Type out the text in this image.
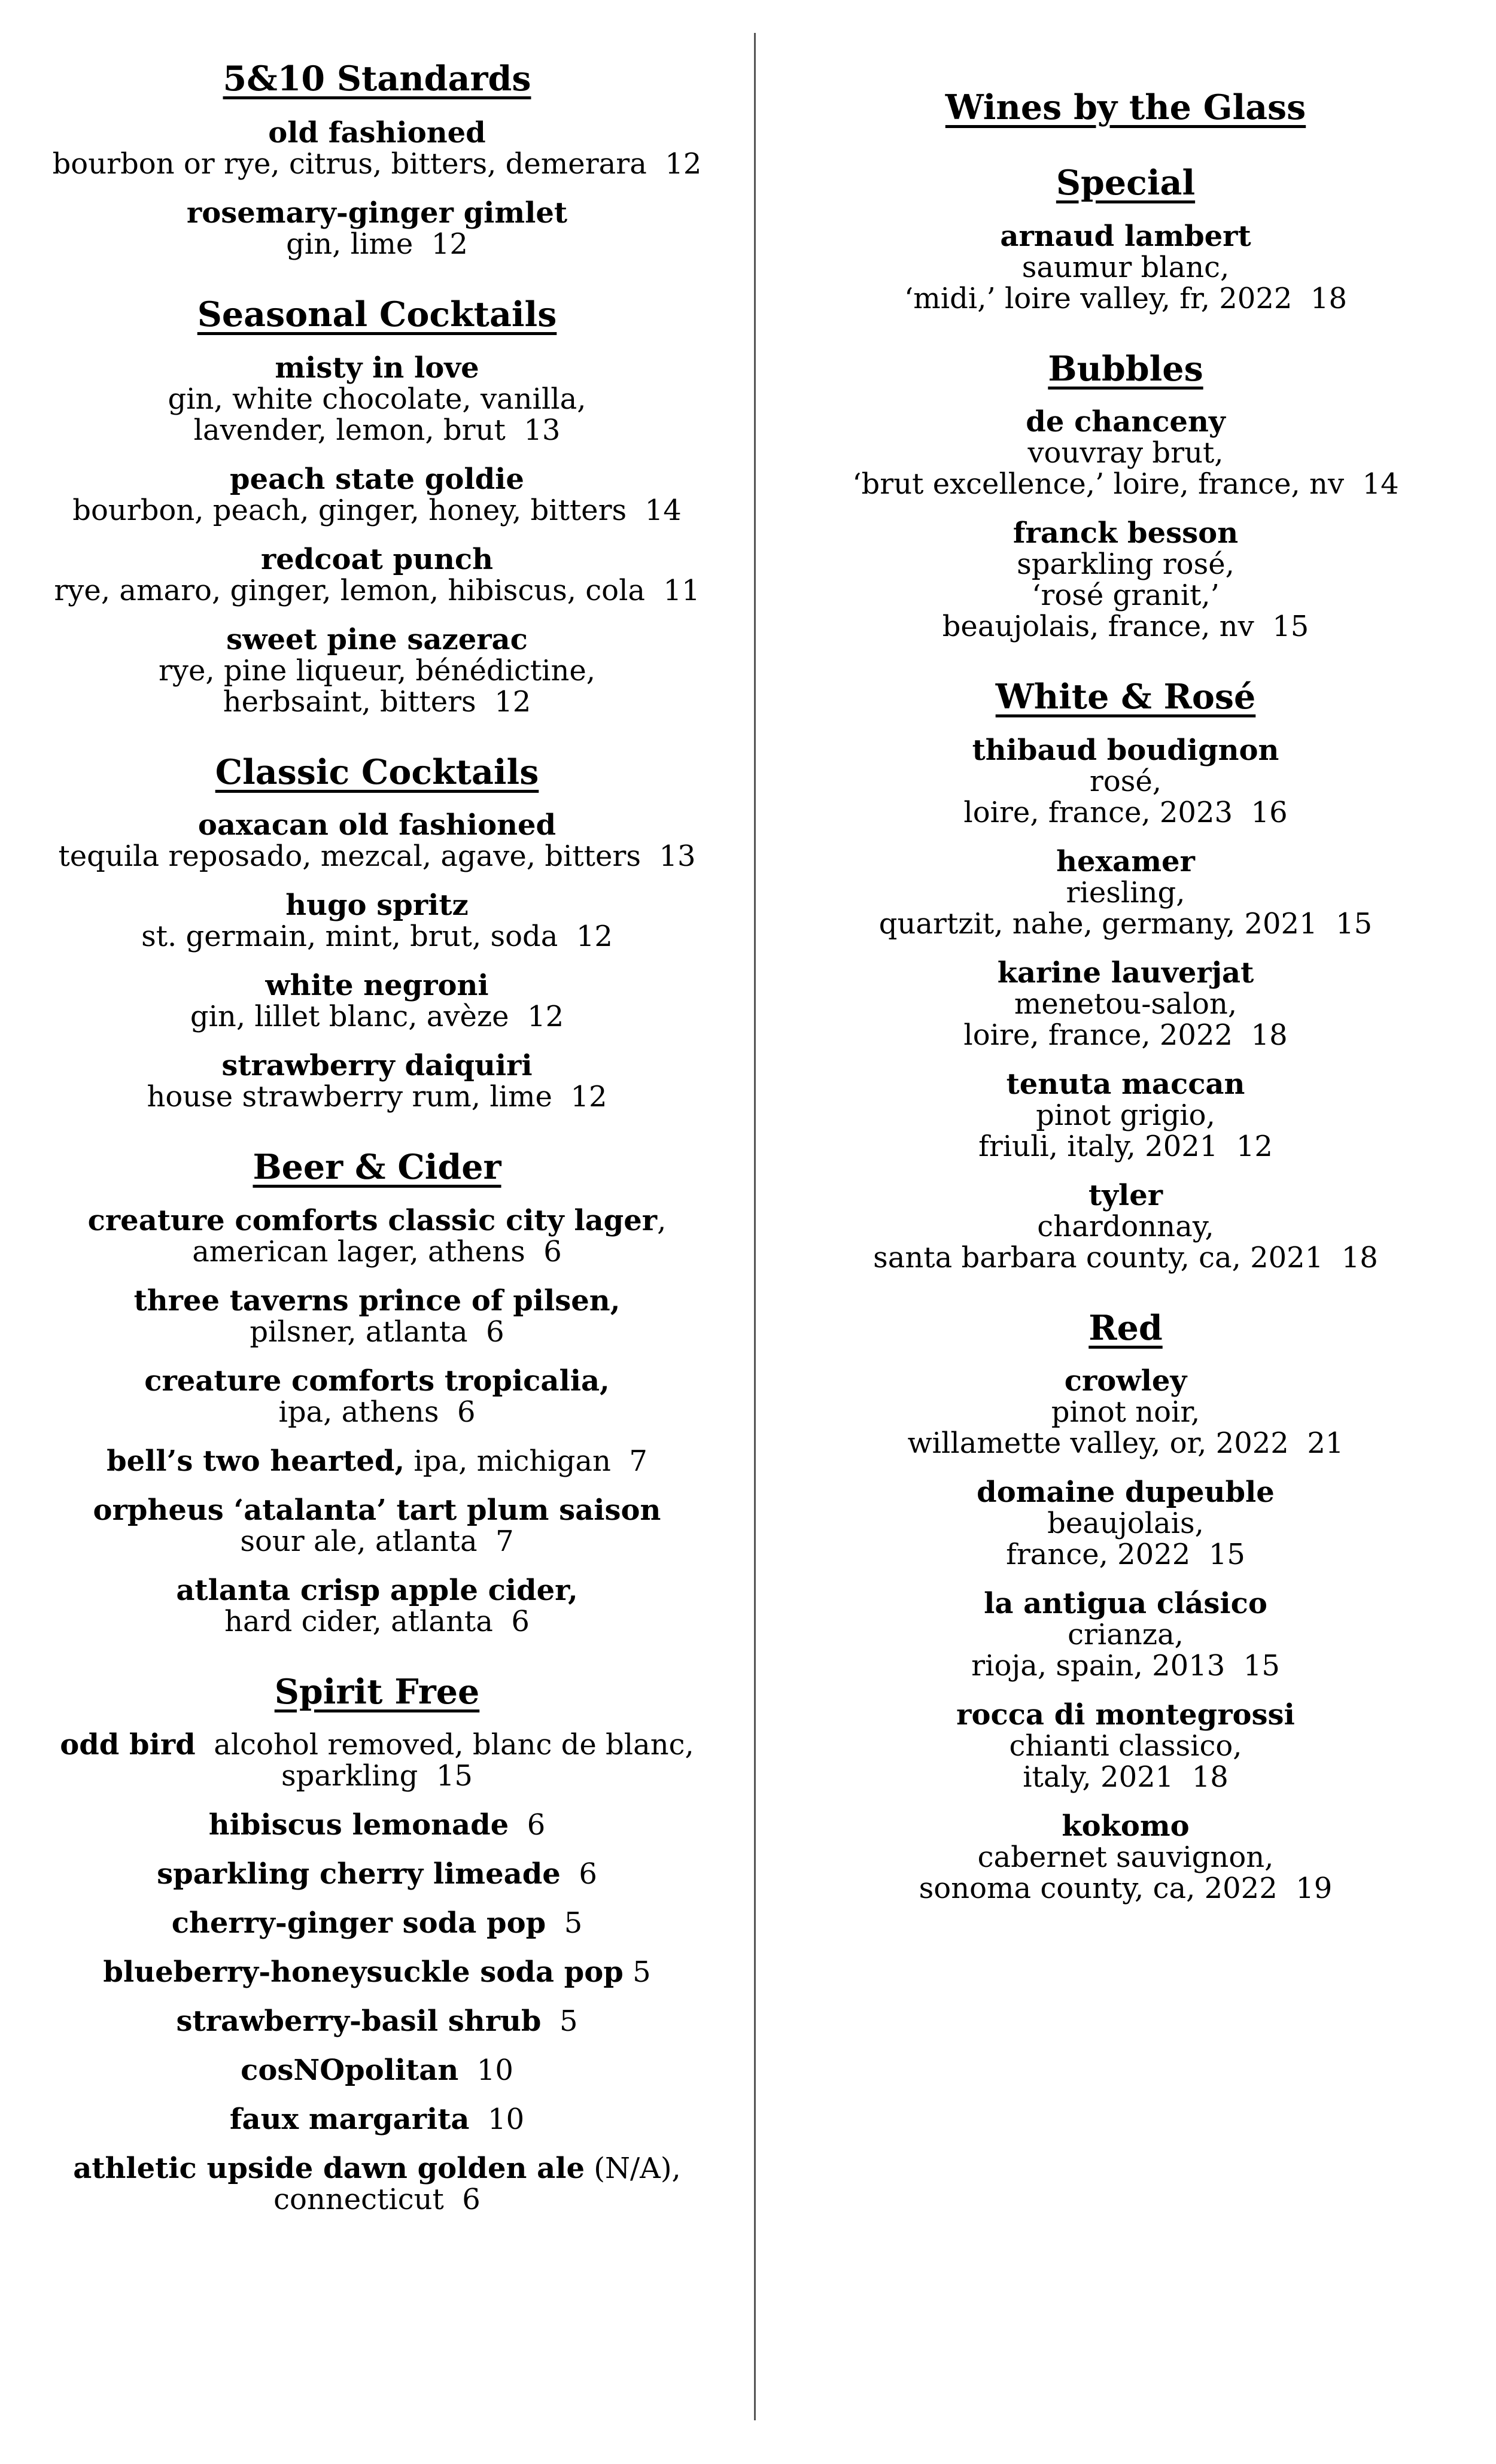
5&10 Standards
old fashioned
bourbon or rye, citrus, bitters, demerara  12
rosemary-ginger gimlet
gin, lime  12
Seasonal Cocktails
misty in love
gin, white chocolate, vanilla,
lavender, lemon, brut  13
peach state goldie
bourbon, peach, ginger, honey, bitters  14
redcoat punch
rye, amaro, ginger, lemon, hibiscus, cola  11
sweet pine sazerac
rye, pine liqueur, bénédictine,
herbsaint, bitters  12
Classic Cocktails
oaxacan old fashioned
tequila reposado, mezcal, agave, bitters  13
hugo spritz
st. germain, mint, brut, soda  12
white negroni
gin, lillet blanc, avèze  12
strawberry daiquiri
house strawberry rum, lime  12
Beer & Cider
creature comforts classic city lager,
american lager, athens  6
three taverns prince of pilsen,
pilsner, atlanta  6
creature comforts tropicalia,
ipa, athens  6
bell’s two hearted, ipa, michigan  7
orpheus ‘atalanta’ tart plum saison
sour ale, atlanta  7
atlanta crisp apple cider,
hard cider, atlanta  6
Spirit Free
odd bird  alcohol removed, blanc de blanc,
sparkling  15
hibiscus lemonade  6
sparkling cherry limeade  6
cherry-ginger soda pop  5
blueberry-honeysuckle soda pop 5
strawberry-basil shrub  5
cosNOpolitan  10
faux margarita  10
athletic upside dawn golden ale (N/A),
connecticut  6
Wines by the Glass
Special
arnaud lambert
saumur blanc,
‘midi,’ loire valley, fr, 2022  18
Bubbles
de chanceny
vouvray brut,
‘brut excellence,’ loire, france, nv  14
franck besson
sparkling rosé,
‘rosé granit,’
beaujolais, france, nv  15
White & Rosé
thibaud boudignon
rosé,
loire, france, 2023  16
hexamer
riesling,
quartzit, nahe, germany, 2021  15
karine lauverjat
menetou-salon,
loire, france, 2022  18
tenuta maccan
pinot grigio,
friuli, italy, 2021  12
tyler
chardonnay,
santa barbara county, ca, 2021  18
Red
crowley
pinot noir,
willamette valley, or, 2022  21
domaine dupeuble
beaujolais,
france, 2022  15
la antigua clásico
crianza,
rioja, spain, 2013  15
rocca di montegrossi
chianti classico,
italy, 2021  18
kokomo
cabernet sauvignon,
sonoma county, ca, 2022  19
